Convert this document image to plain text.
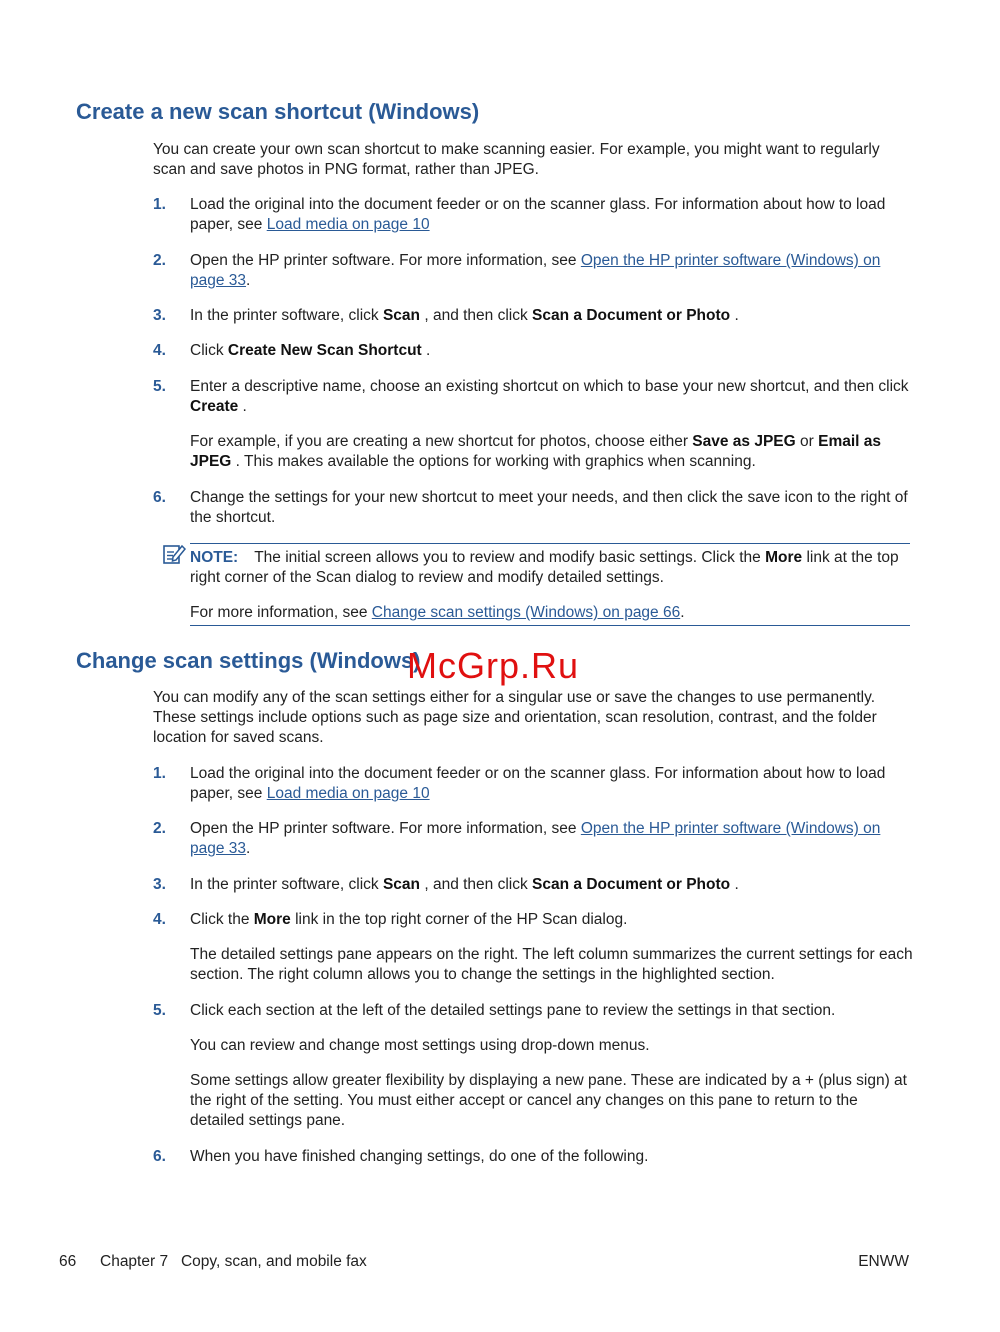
Create a new scan shortcut (Windows)

You can create your own scan shortcut to make scanning easier. For example, you might want to regularly scan and save photos in PNG format, rather than JPEG.

1. Load the original into the document feeder or on the scanner glass. For information about how to load paper, see Load media on page 10

2. Open the HP printer software. For more information, see Open the HP printer software (Windows) on page 33.

3. In the printer software, click Scan , and then click Scan a Document or Photo .

4. Click Create New Scan Shortcut .

5. Enter a descriptive name, choose an existing shortcut on which to base your new shortcut, and then click Create .

For example, if you are creating a new shortcut for photos, choose either Save as JPEG or Email as JPEG . This makes available the options for working with graphics when scanning.

6. Change the settings for your new shortcut to meet your needs, and then click the save icon to the right of the shortcut.

NOTE: The initial screen allows you to review and modify basic settings. Click the More link at the top right corner of the Scan dialog to review and modify detailed settings.

For more information, see Change scan settings (Windows) on page 66.

Change scan settings (Windows)
McGrp.Ru

You can modify any of the scan settings either for a singular use or save the changes to use permanently. These settings include options such as page size and orientation, scan resolution, contrast, and the folder location for saved scans.

1. Load the original into the document feeder or on the scanner glass. For information about how to load paper, see Load media on page 10

2. Open the HP printer software. For more information, see Open the HP printer software (Windows) on page 33.

3. In the printer software, click Scan , and then click Scan a Document or Photo .

4. Click the More link in the top right corner of the HP Scan dialog.

The detailed settings pane appears on the right. The left column summarizes the current settings for each section. The right column allows you to change the settings in the highlighted section.

5. Click each section at the left of the detailed settings pane to review the settings in that section.

You can review and change most settings using drop-down menus.

Some settings allow greater flexibility by displaying a new pane. These are indicated by a + (plus sign) at the right of the setting. You must either accept or cancel any changes on this pane to return to the detailed settings pane.

6. When you have finished changing settings, do one of the following.

66 Chapter 7   Copy, scan, and mobile fax	ENWW
